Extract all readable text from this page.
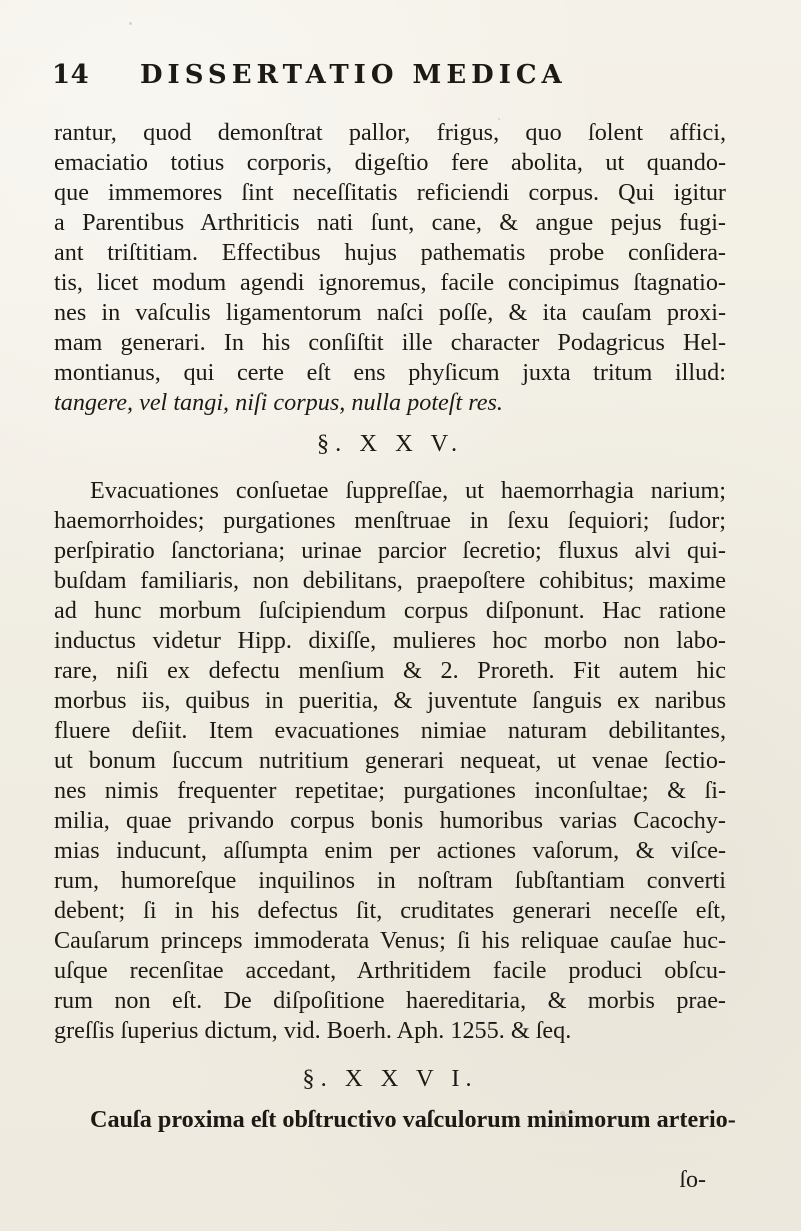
14 DISSERTATIO MEDICA
rantur, quod demonſtrat pallor, frigus, quo ſolent affici,
emaciatio totius corporis, digeſtio fere abolita, ut quando-
que immemores ſint neceſſitatis reficiendi corpus. Qui igitur
a Parentibus Arthriticis nati ſunt, cane, & angue pejus fugi-
ant triſtitiam. Effectibus hujus pathematis probe conſidera-
tis, licet modum agendi ignoremus, facile concipimus ſtagnatio-
nes in vaſculis ligamentorum naſci poſſe, & ita cauſam proxi-
mam generari. In his conſiſtit ille character Podagricus Hel-
montianus, qui certe eſt ens phyſicum juxta tritum illud:
tangere, vel tangi, niſi corpus, nulla poteſt res.
§. X X V.
Evacuationes conſuetae ſuppreſſae, ut haemorrhagia narium;
haemorrhoides; purgationes menſtruae in ſexu ſequiori; ſudor;
perſpiratio ſanctoriana; urinae parcior ſecretio; fluxus alvi qui-
buſdam familiaris, non debilitans, praepoſtere cohibitus; maxime
ad hunc morbum ſuſcipiendum corpus diſponunt. Hac ratione
inductus videtur Hipp. dixiſſe, mulieres hoc morbo non labo-
rare, niſi ex defectu menſium & 2. Proreth. Fit autem hic
morbus iis, quibus in pueritia, & juventute ſanguis ex naribus
fluere deſiit. Item evacuationes nimiae naturam debilitantes,
ut bonum ſuccum nutritium generari nequeat, ut venae ſectio-
nes nimis frequenter repetitae; purgationes inconſultae; & ſi-
milia, quae privando corpus bonis humoribus varias Cacochy-
mias inducunt, aſſumpta enim per actiones vaſorum, & viſce-
rum, humoreſque inquilinos in noſtram ſubſtantiam converti
debent; ſi in his defectus ſit, cruditates generari neceſſe eſt,
Cauſarum princeps immoderata Venus; ſi his reliquae cauſae huc-
uſque recenſitae accedant, Arthritidem facile produci obſcu-
rum non eſt. De diſpoſitione haereditaria, & morbis prae-
greſſis ſuperius dictum, vid. Boerh. Aph. 1255. & ſeq.
§. X X V I.
Cauſa proxima eſt obſtructivo vaſculorum minimorum arterio-
ſo-
